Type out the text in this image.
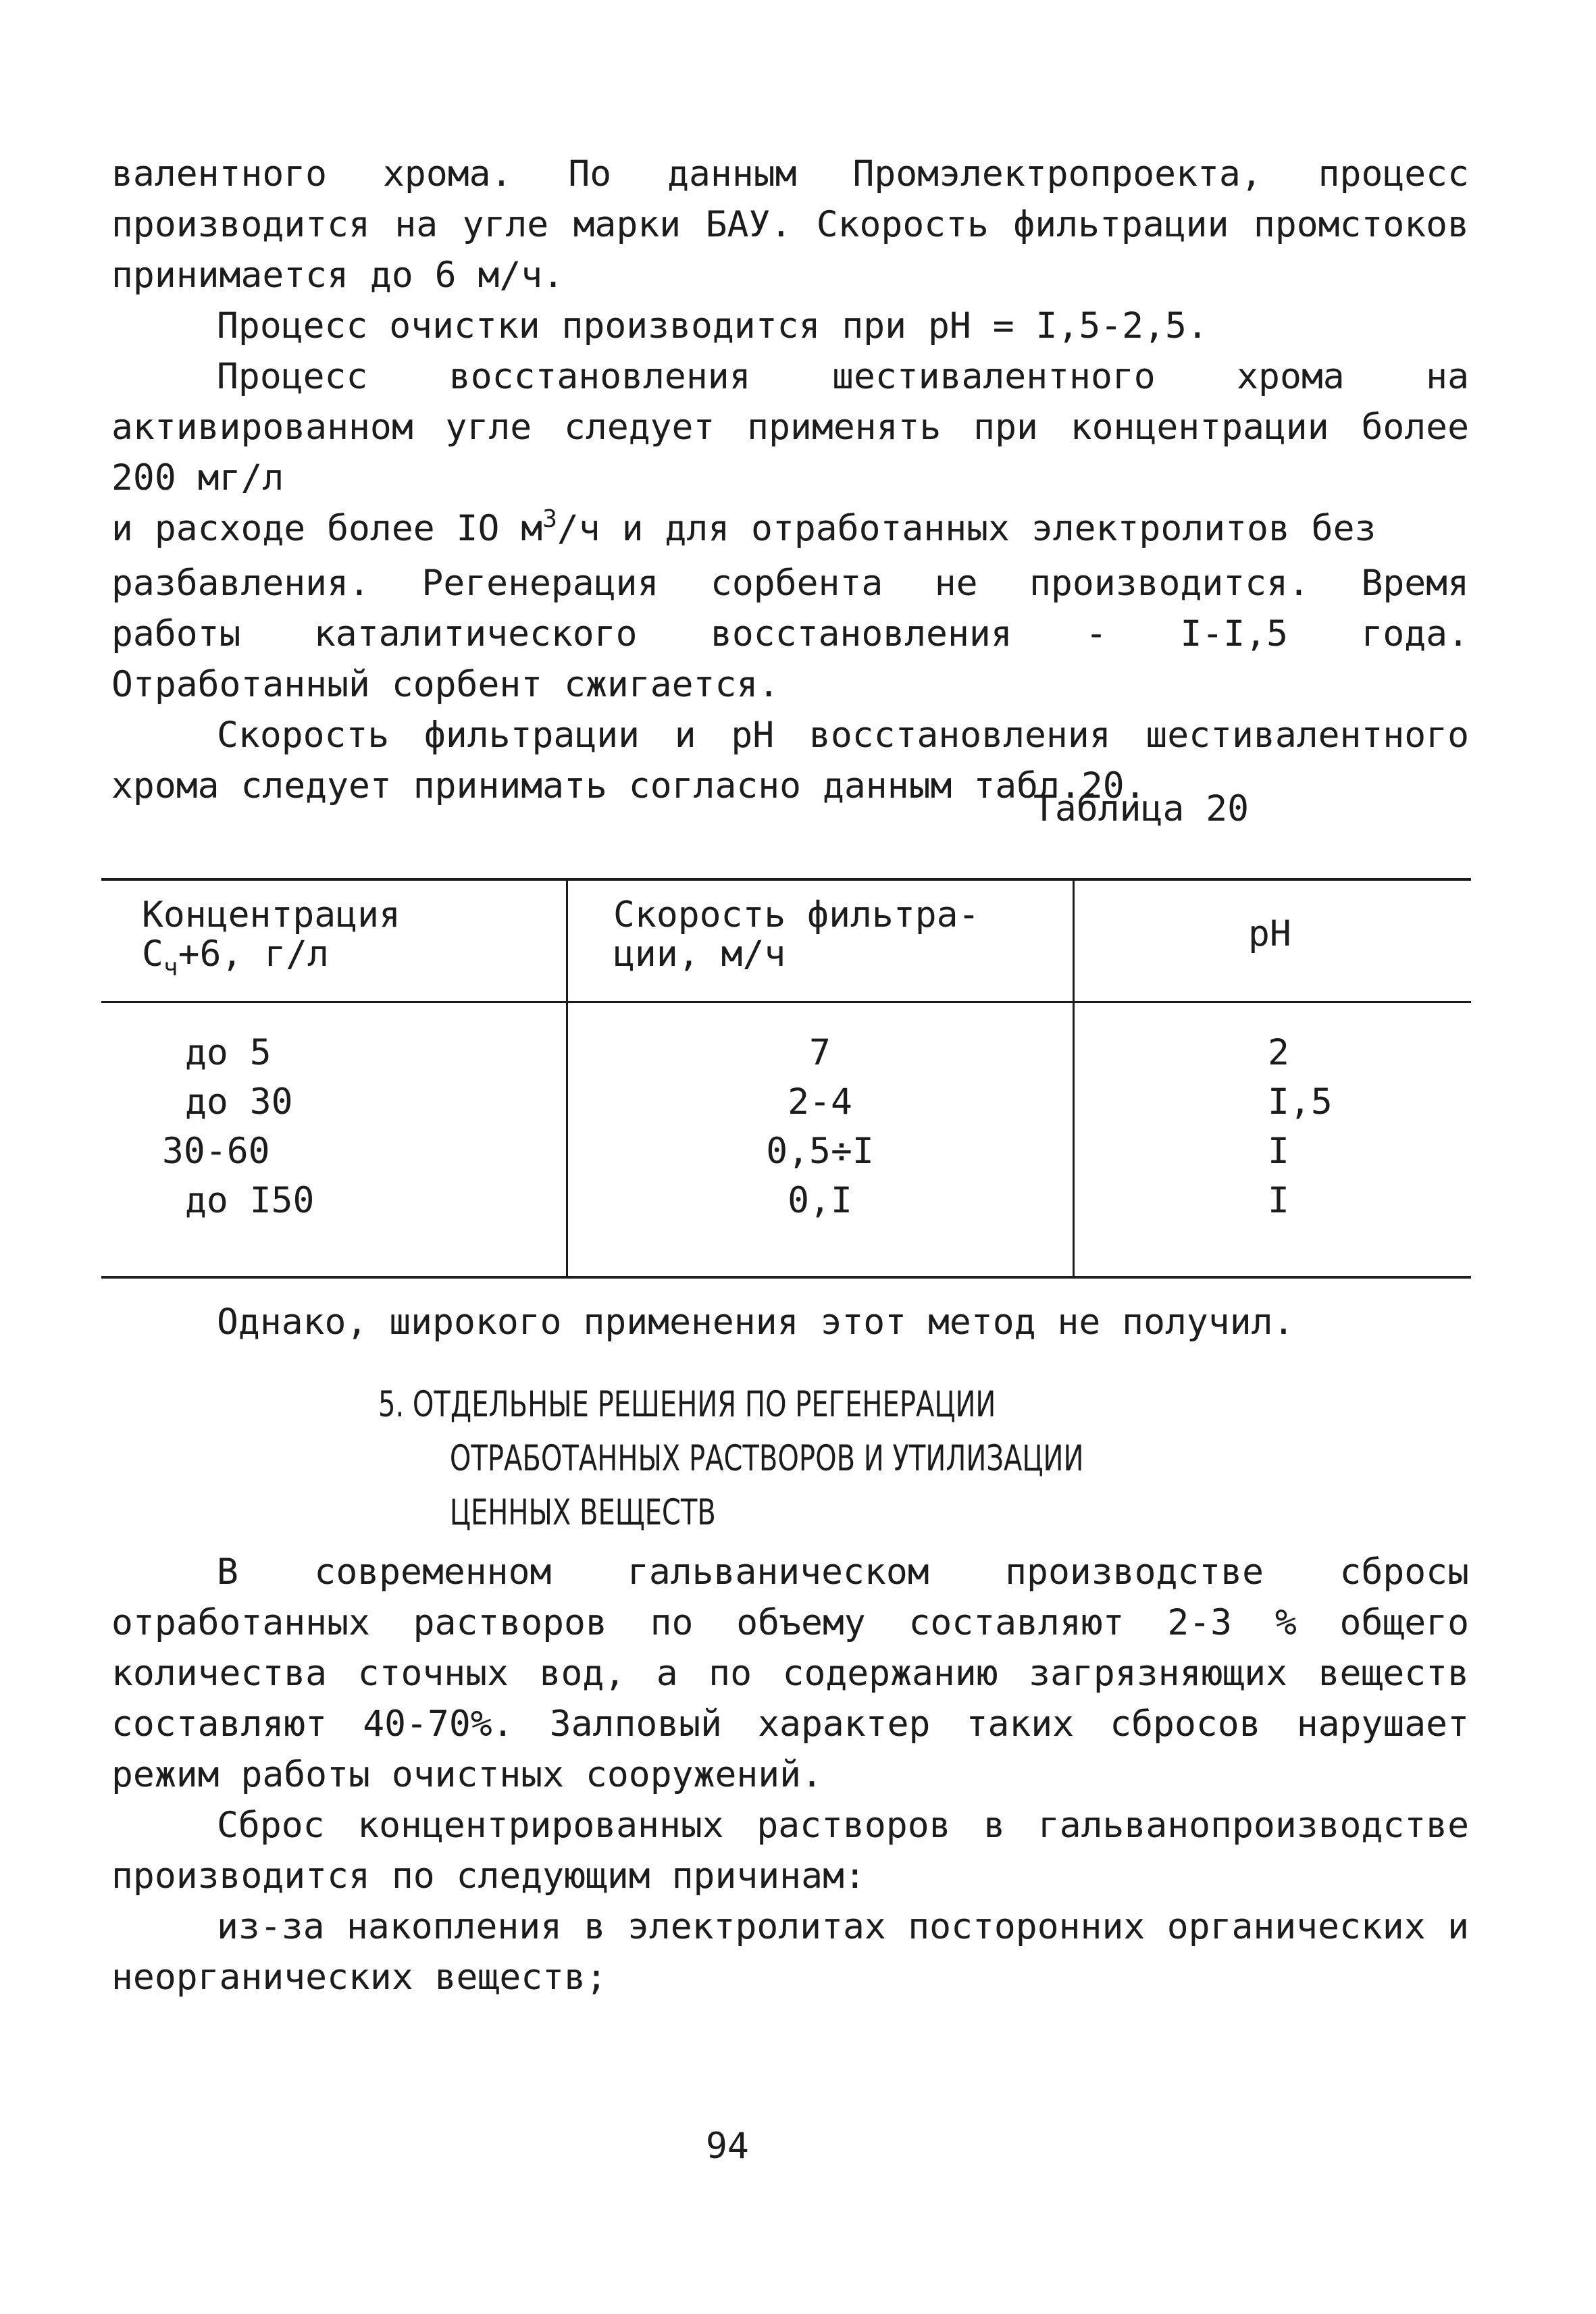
валентного хрома. По данным Промэлектропроекта, процесс производится на угле марки БАУ. Скорость фильтрации промстоков принимается до 6 м/ч.

Процесс очистки производится при рН = I,5-2,5.

Процесс восстановления шестивалентного хрома на активированном угле следует применять при концентрации более 200 мг/л

и расходе более IO $м^3/ч$ и для отработанных электролитов без

разбавления. Регенерация сорбента не производится. Время работы каталитического восстановления - I-I,5 года. Отработанный сорбент сжигается.

Скорость фильтрации и рН восстановления шестивалентного хрома следует принимать согласно данным табл.20.

Таблица 20
Концентрация
$С_ч+6$, г/л
Скорость фильтра-
ции, м/ч	рН
до 5
до 30
30-60
до I50
7
2-4
0,5÷I
0,I
2
I,5
I
I

Однако, широкого применения этот метод не получил.

5. ОТДЕЛЬНЫЕ РЕШЕНИЯ ПО РЕГЕНЕРАЦИИ
ОТРАБОТАННЫХ РАСТВОРОВ И УТИЛИЗАЦИИ
ЦЕННЫХ ВЕЩЕСТВ

В современном гальваническом производстве сбросы отработанных растворов по объему составляют 2-3 % общего количества сточных вод, а по содержанию загрязняющих веществ составляют 40-70%. Залповый характер таких сбросов нарушает режим работы очистных сооружений.

Сброс концентрированных растворов в гальванопроизводстве производится по следующим причинам:

из-за накопления в электролитах посторонних органических и неорганических веществ;

94
